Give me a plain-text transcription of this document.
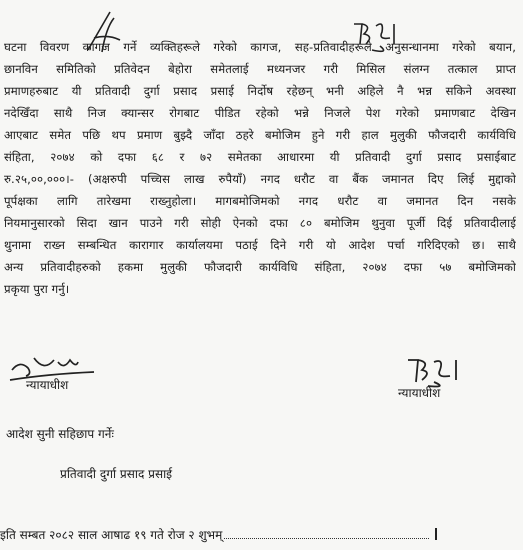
घटना विवरण कागज गर्ने व्यक्तिहरूले गरेको कागज, सह-प्रतिवादीहरूले अनुसन्धानमा गरेको बयान,
छानविन समितिको प्रतिवेदन बेहोरा समेतलाई मध्यनजर गरी मिसिल संलग्न तत्काल प्राप्त
प्रमाणहरुबाट यी प्रतिवादी दुर्गा प्रसाद प्रसाई निर्दोष रहेछन् भनी अहिले नै भन्न सकिने अवस्था
नदेखिँदा साथै निज क्यान्सर रोगबाट पीडित रहेको भन्ने निजले पेश गरेको प्रमाणबाट देखिन
आएबाट समेत पछि थप प्रमाण बुझ्दै जाँदा ठहरे बमोजिम हुने गरी हाल मुलुकी फौजदारी कार्यविधि
संहिता, २०७४ को दफा ६८ र ७२ समेतका आधारमा यी प्रतिवादी दुर्गा प्रसाद प्रसाईबाट
रु.२५,००,०००।- (अक्षरुपी पच्चिस लाख रुपैयाँ) नगद धरौट वा बैंक जमानत दिए लिई मुद्दाको
पूर्पक्षका लागि तारेखमा राख्नुहोला। मागबमोजिमको नगद धरौट वा जमानत दिन नसके
नियमानुसारको सिदा खान पाउने गरी सोही ऐनको दफा ८० बमोजिम थुनुवा पूर्जी दिई प्रतिवादीलाई
थुनामा राख्न सम्बन्धित कारागार कार्यालयमा पठाई दिने गरी यो आदेश पर्चा गरिदिएको छ। साथै
अन्य प्रतिवादीहरुको हकमा मुलुकी फौजदारी कार्यविधि संहिता, २०७४ दफा ५७ बमोजिमको
प्रकृया पुरा गर्नु।
न्यायाधीश
न्यायाधीश
आदेश सुनी सहिछाप गर्नेः
प्रतिवादी दुर्गा प्रसाद प्रसाई
इति सम्बत २०८२ साल आषाढ १९ गते रोज २ शुभम्
